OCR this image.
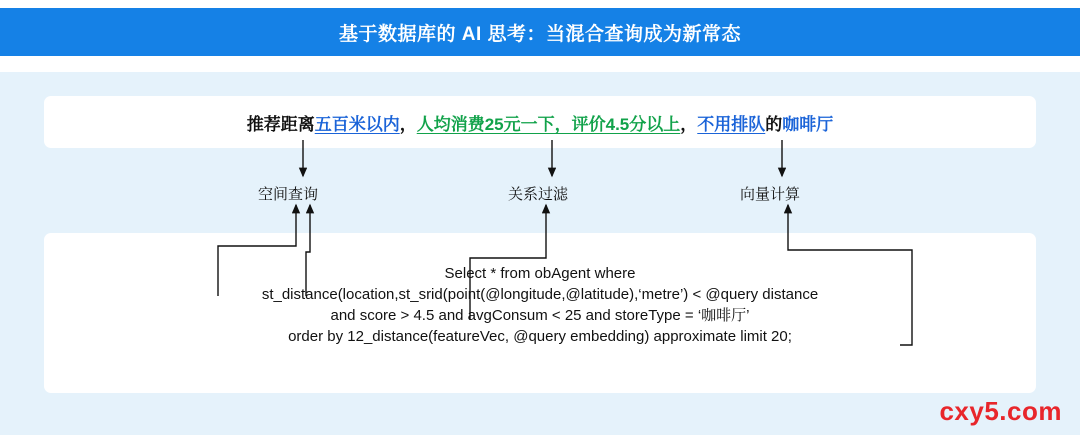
基于数据库的 AI 思考：当混合查询成为新常态
推荐距离 五百米以内 ， 人均消费25元一下，评价4.5分以上 ， 不用排队 的 咖啡厅
空间查询	关系过滤	向量计算
Select * from obAgent where
st_distance(location,st_srid(point(@longitude,@latitude),‘metre’) < @query distance
and score > 4.5 and avgConsum < 25 and storeType = ‘咖啡厅’
order by 12_distance(featureVec, @query embedding) approximate limit 20;
cxy5.com
